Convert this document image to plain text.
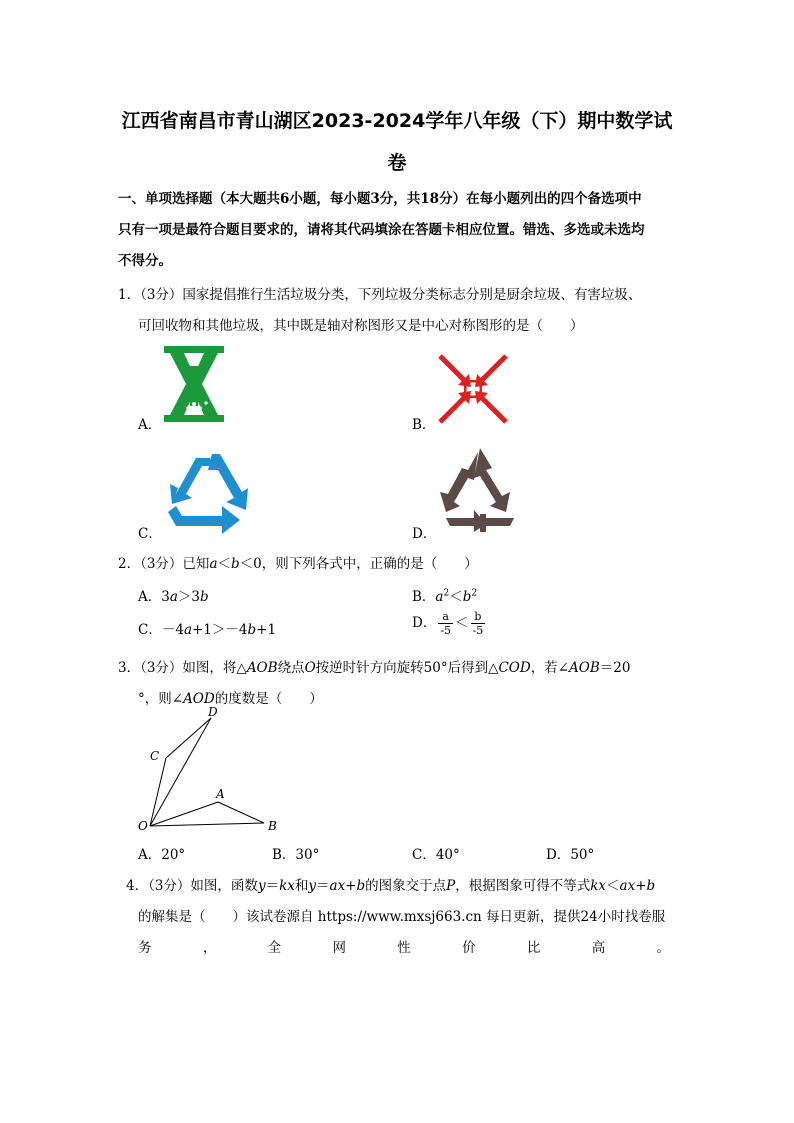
江西省南昌市青山湖区2023-2024学年八年级（下）期中数学试
卷
一、单项选择题（本大题共6小题，每小题3分，共18分）在每小题列出的四个备选项中
只有一项是最符合题目要求的，请将其代码填涂在答题卡相应位置。错选、多选或未选均
不得分。
1．（3分）国家提倡推行生活垃圾分类，下列垃圾分类标志分别是厨余垃圾、有害垃圾、
可回收物和其他垃圾，其中既是轴对称图形又是中心对称图形的是（　　）
A．	B．
C．	D．
2．（3分）已知a＜b＜0，则下列各式中，正确的是（　　）
A．3a＞3b	B．$a^2<b^2$
C．－4a+1＞－4b+1	D． $\frac{a}{-5} < \frac{b}{-5}$
3．（3分）如图，将△AOB绕点O按逆时针方向旋转50°后得到△COD，若∠AOB＝20
°，则∠AOD的度数是（　　）
D
C
A
O	B
A．20°	B．30°	C．40°	D．50°
4．（3分）如图，函数y＝kx和y＝ax+b的图象交于点P，根据图象可得不等式kx＜ax+b
的解集是（　　）该试卷源自 https://www.mxsj663.cn 每日更新，提供24小时找卷服
务	，	全	网	性	价	比	高	。
